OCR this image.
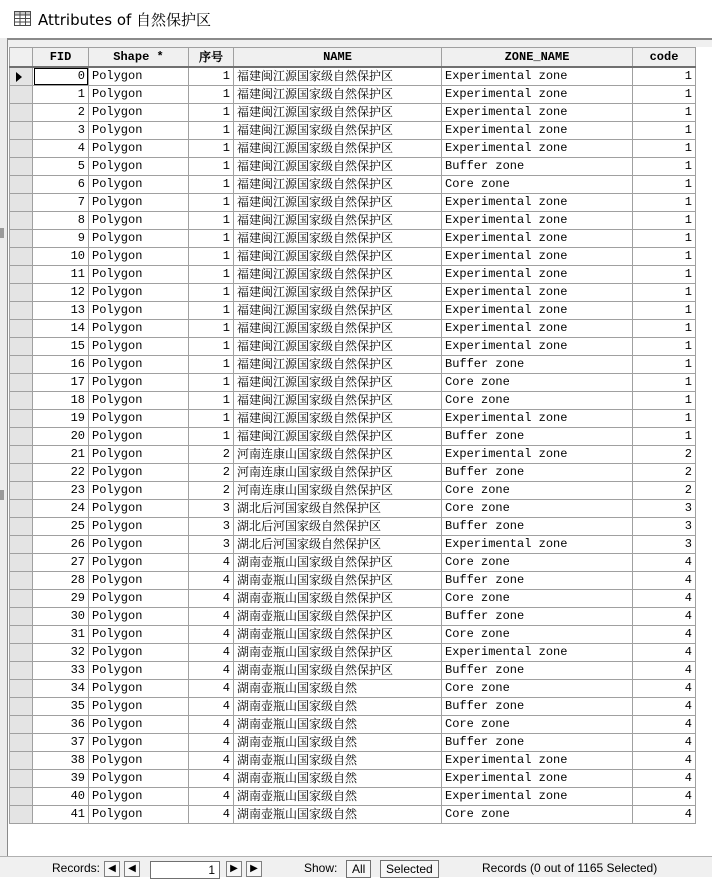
Attributes of 自然保护区
	FID	Shape *	序号	NAME	ZONE_NAME	code

	0	Polygon	1	福建闽江源国家级自然保护区	Experimental zone	1
	1	Polygon	1	福建闽江源国家级自然保护区	Experimental zone	1
	2	Polygon	1	福建闽江源国家级自然保护区	Experimental zone	1
	3	Polygon	1	福建闽江源国家级自然保护区	Experimental zone	1
	4	Polygon	1	福建闽江源国家级自然保护区	Experimental zone	1
	5	Polygon	1	福建闽江源国家级自然保护区	Buffer zone	1
	6	Polygon	1	福建闽江源国家级自然保护区	Core zone	1
	7	Polygon	1	福建闽江源国家级自然保护区	Experimental zone	1
	8	Polygon	1	福建闽江源国家级自然保护区	Experimental zone	1
	9	Polygon	1	福建闽江源国家级自然保护区	Experimental zone	1
	10	Polygon	1	福建闽江源国家级自然保护区	Experimental zone	1
	11	Polygon	1	福建闽江源国家级自然保护区	Experimental zone	1
	12	Polygon	1	福建闽江源国家级自然保护区	Experimental zone	1
	13	Polygon	1	福建闽江源国家级自然保护区	Experimental zone	1
	14	Polygon	1	福建闽江源国家级自然保护区	Experimental zone	1
	15	Polygon	1	福建闽江源国家级自然保护区	Experimental zone	1
	16	Polygon	1	福建闽江源国家级自然保护区	Buffer zone	1
	17	Polygon	1	福建闽江源国家级自然保护区	Core zone	1
	18	Polygon	1	福建闽江源国家级自然保护区	Core zone	1
	19	Polygon	1	福建闽江源国家级自然保护区	Experimental zone	1
	20	Polygon	1	福建闽江源国家级自然保护区	Buffer zone	1
	21	Polygon	2	河南连康山国家级自然保护区	Experimental zone	2
	22	Polygon	2	河南连康山国家级自然保护区	Buffer zone	2
	23	Polygon	2	河南连康山国家级自然保护区	Core zone	2
	24	Polygon	3	湖北后河国家级自然保护区	Core zone	3
	25	Polygon	3	湖北后河国家级自然保护区	Buffer zone	3
	26	Polygon	3	湖北后河国家级自然保护区	Experimental zone	3
	27	Polygon	4	湖南壶瓶山国家级自然保护区	Core zone	4
	28	Polygon	4	湖南壶瓶山国家级自然保护区	Buffer zone	4
	29	Polygon	4	湖南壶瓶山国家级自然保护区	Core zone	4
	30	Polygon	4	湖南壶瓶山国家级自然保护区	Buffer zone	4
	31	Polygon	4	湖南壶瓶山国家级自然保护区	Core zone	4
	32	Polygon	4	湖南壶瓶山国家级自然保护区	Experimental zone	4
	33	Polygon	4	湖南壶瓶山国家级自然保护区	Buffer zone	4
	34	Polygon	4	湖南壶瓶山国家级自然	Core zone	4
	35	Polygon	4	湖南壶瓶山国家级自然	Buffer zone	4
	36	Polygon	4	湖南壶瓶山国家级自然	Core zone	4
	37	Polygon	4	湖南壶瓶山国家级自然	Buffer zone	4
	38	Polygon	4	湖南壶瓶山国家级自然	Experimental zone	4
	39	Polygon	4	湖南壶瓶山国家级自然	Experimental zone	4
	40	Polygon	4	湖南壶瓶山国家级自然	Experimental zone	4
	41	Polygon	4	湖南壶瓶山国家级自然	Core zone	4
Records: ◀	◀	1	▶	▶	Show:	All	Selected	Records (0 out of 1165 Selected)
